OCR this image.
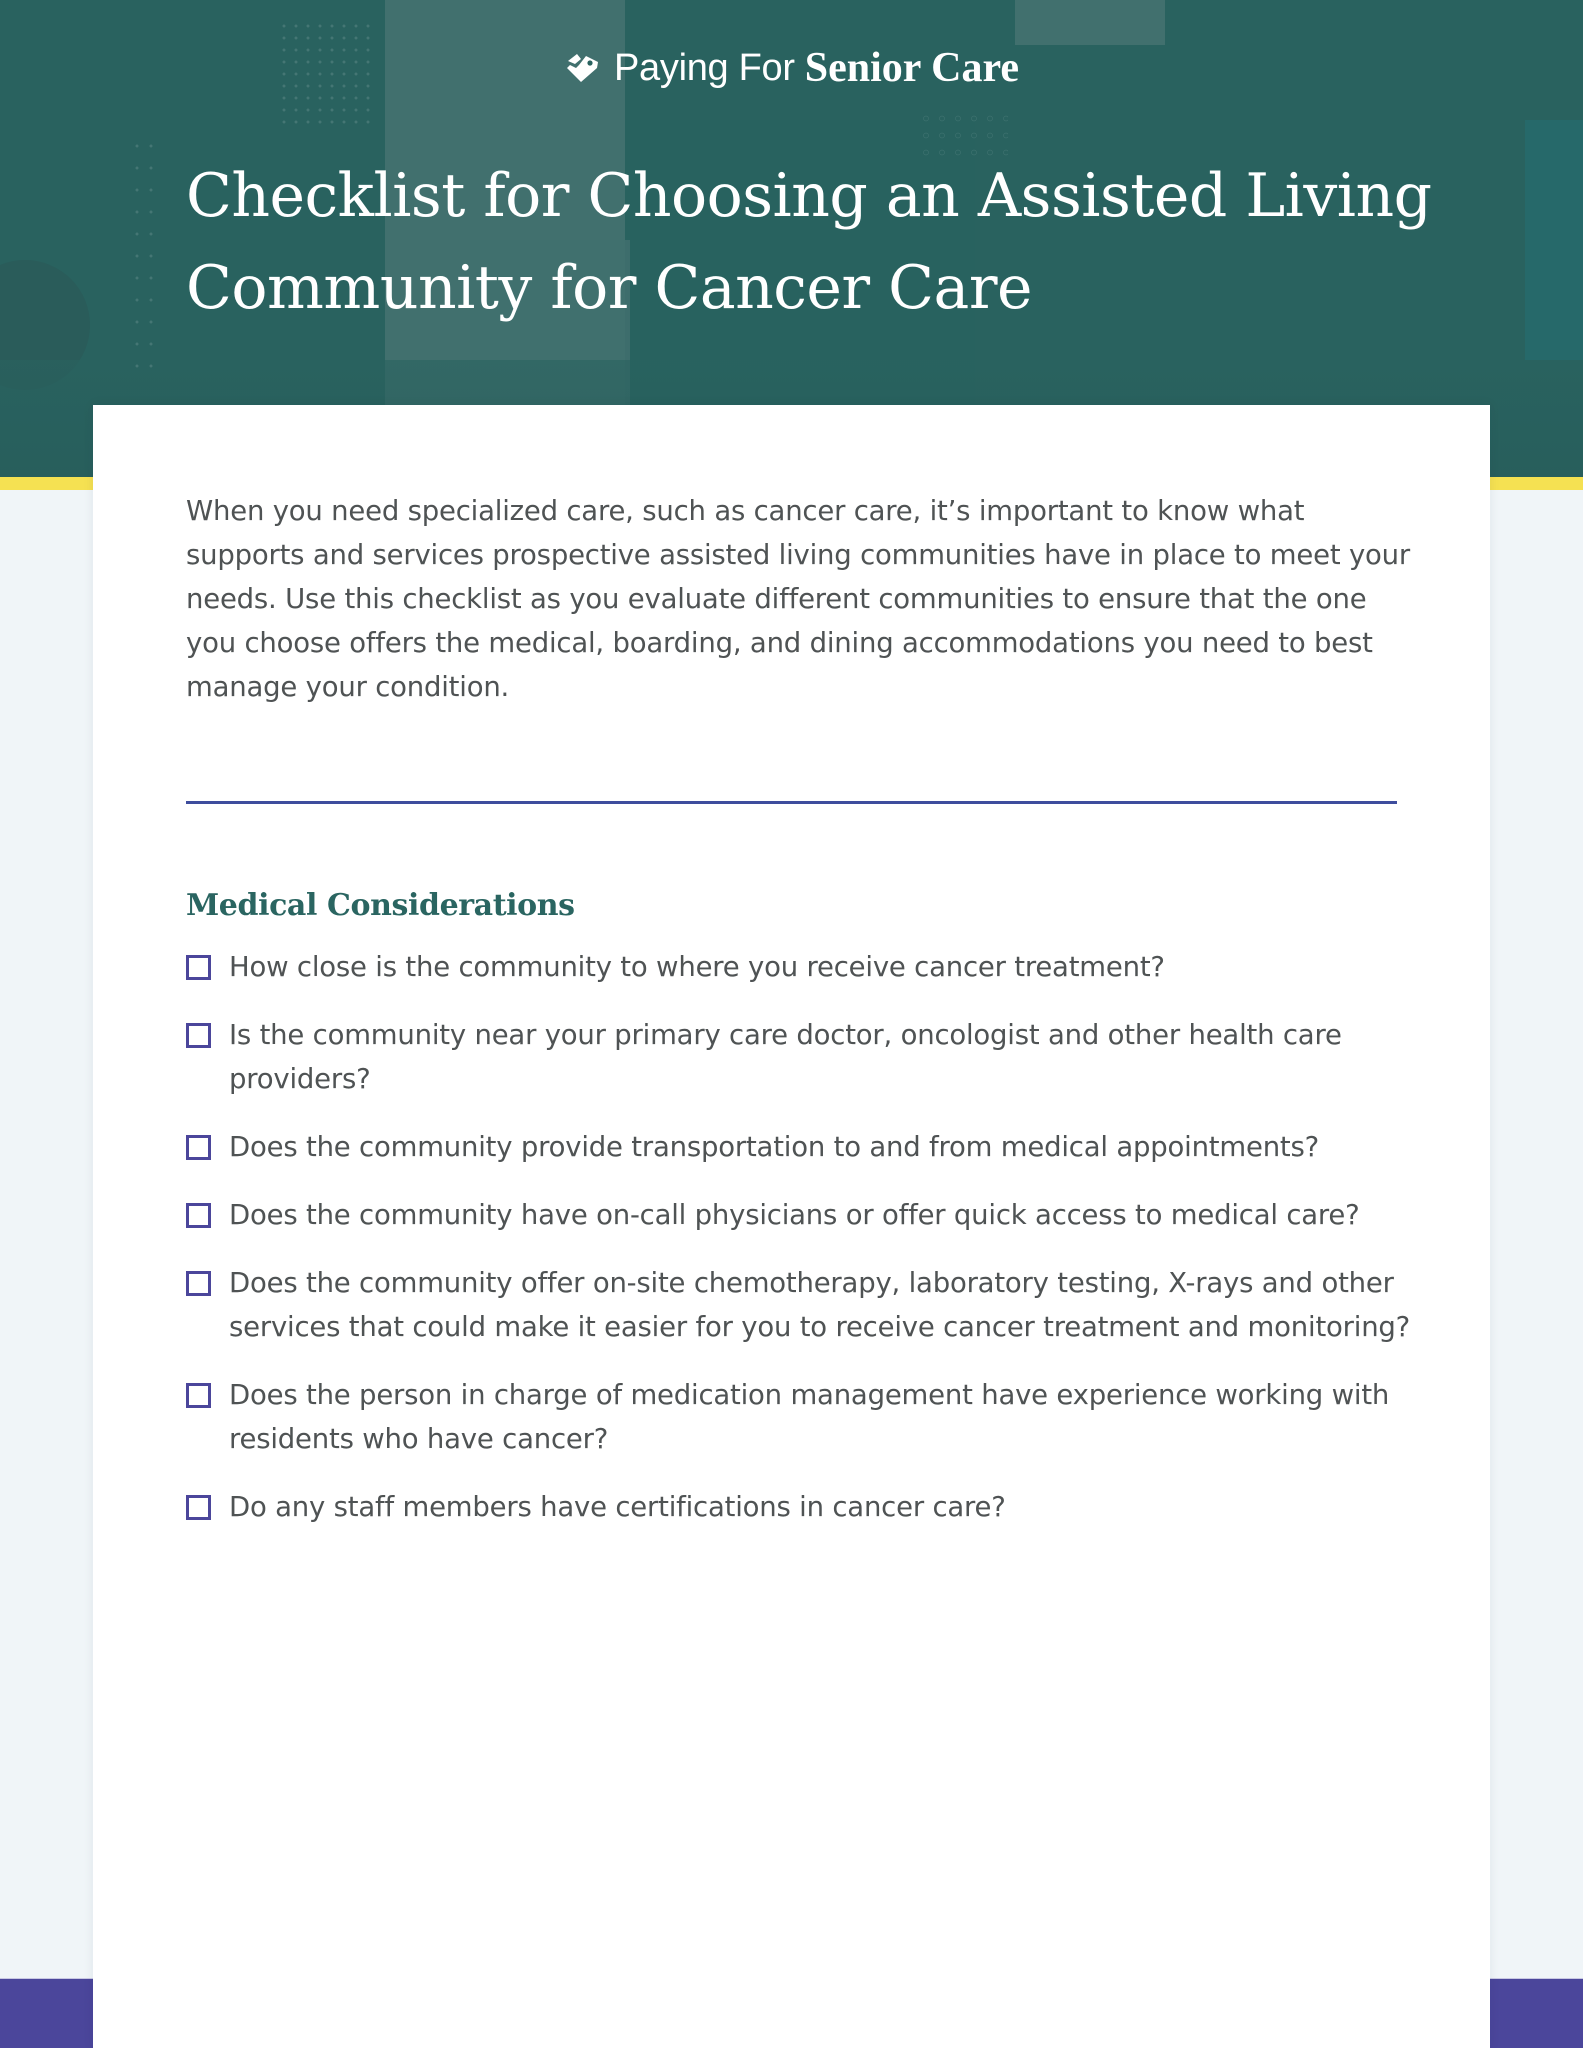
Paying For Senior Care
Checklist for Choosing an Assisted Living Community for Cancer Care

When you need specialized care, such as cancer care, it’s important to know what supports and services prospective assisted living communities have in place to meet your needs. Use this checklist as you evaluate different communities to ensure that the one you choose offers the medical, boarding, and dining accommodations you need to best manage your condition.

Medical Considerations
How close is the community to where you receive cancer treatment?
Is the community near your primary care doctor, oncologist and other health care providers?
Does the community provide transportation to and from medical appointments?
Does the community have on-call physicians or offer quick access to medical care?
Does the community offer on-site chemotherapy, laboratory testing, X-rays and other services that could make it easier for you to receive cancer treatment and monitoring?
Does the person in charge of medication management have experience working with residents who have cancer?
Do any staff members have certifications in cancer care?
